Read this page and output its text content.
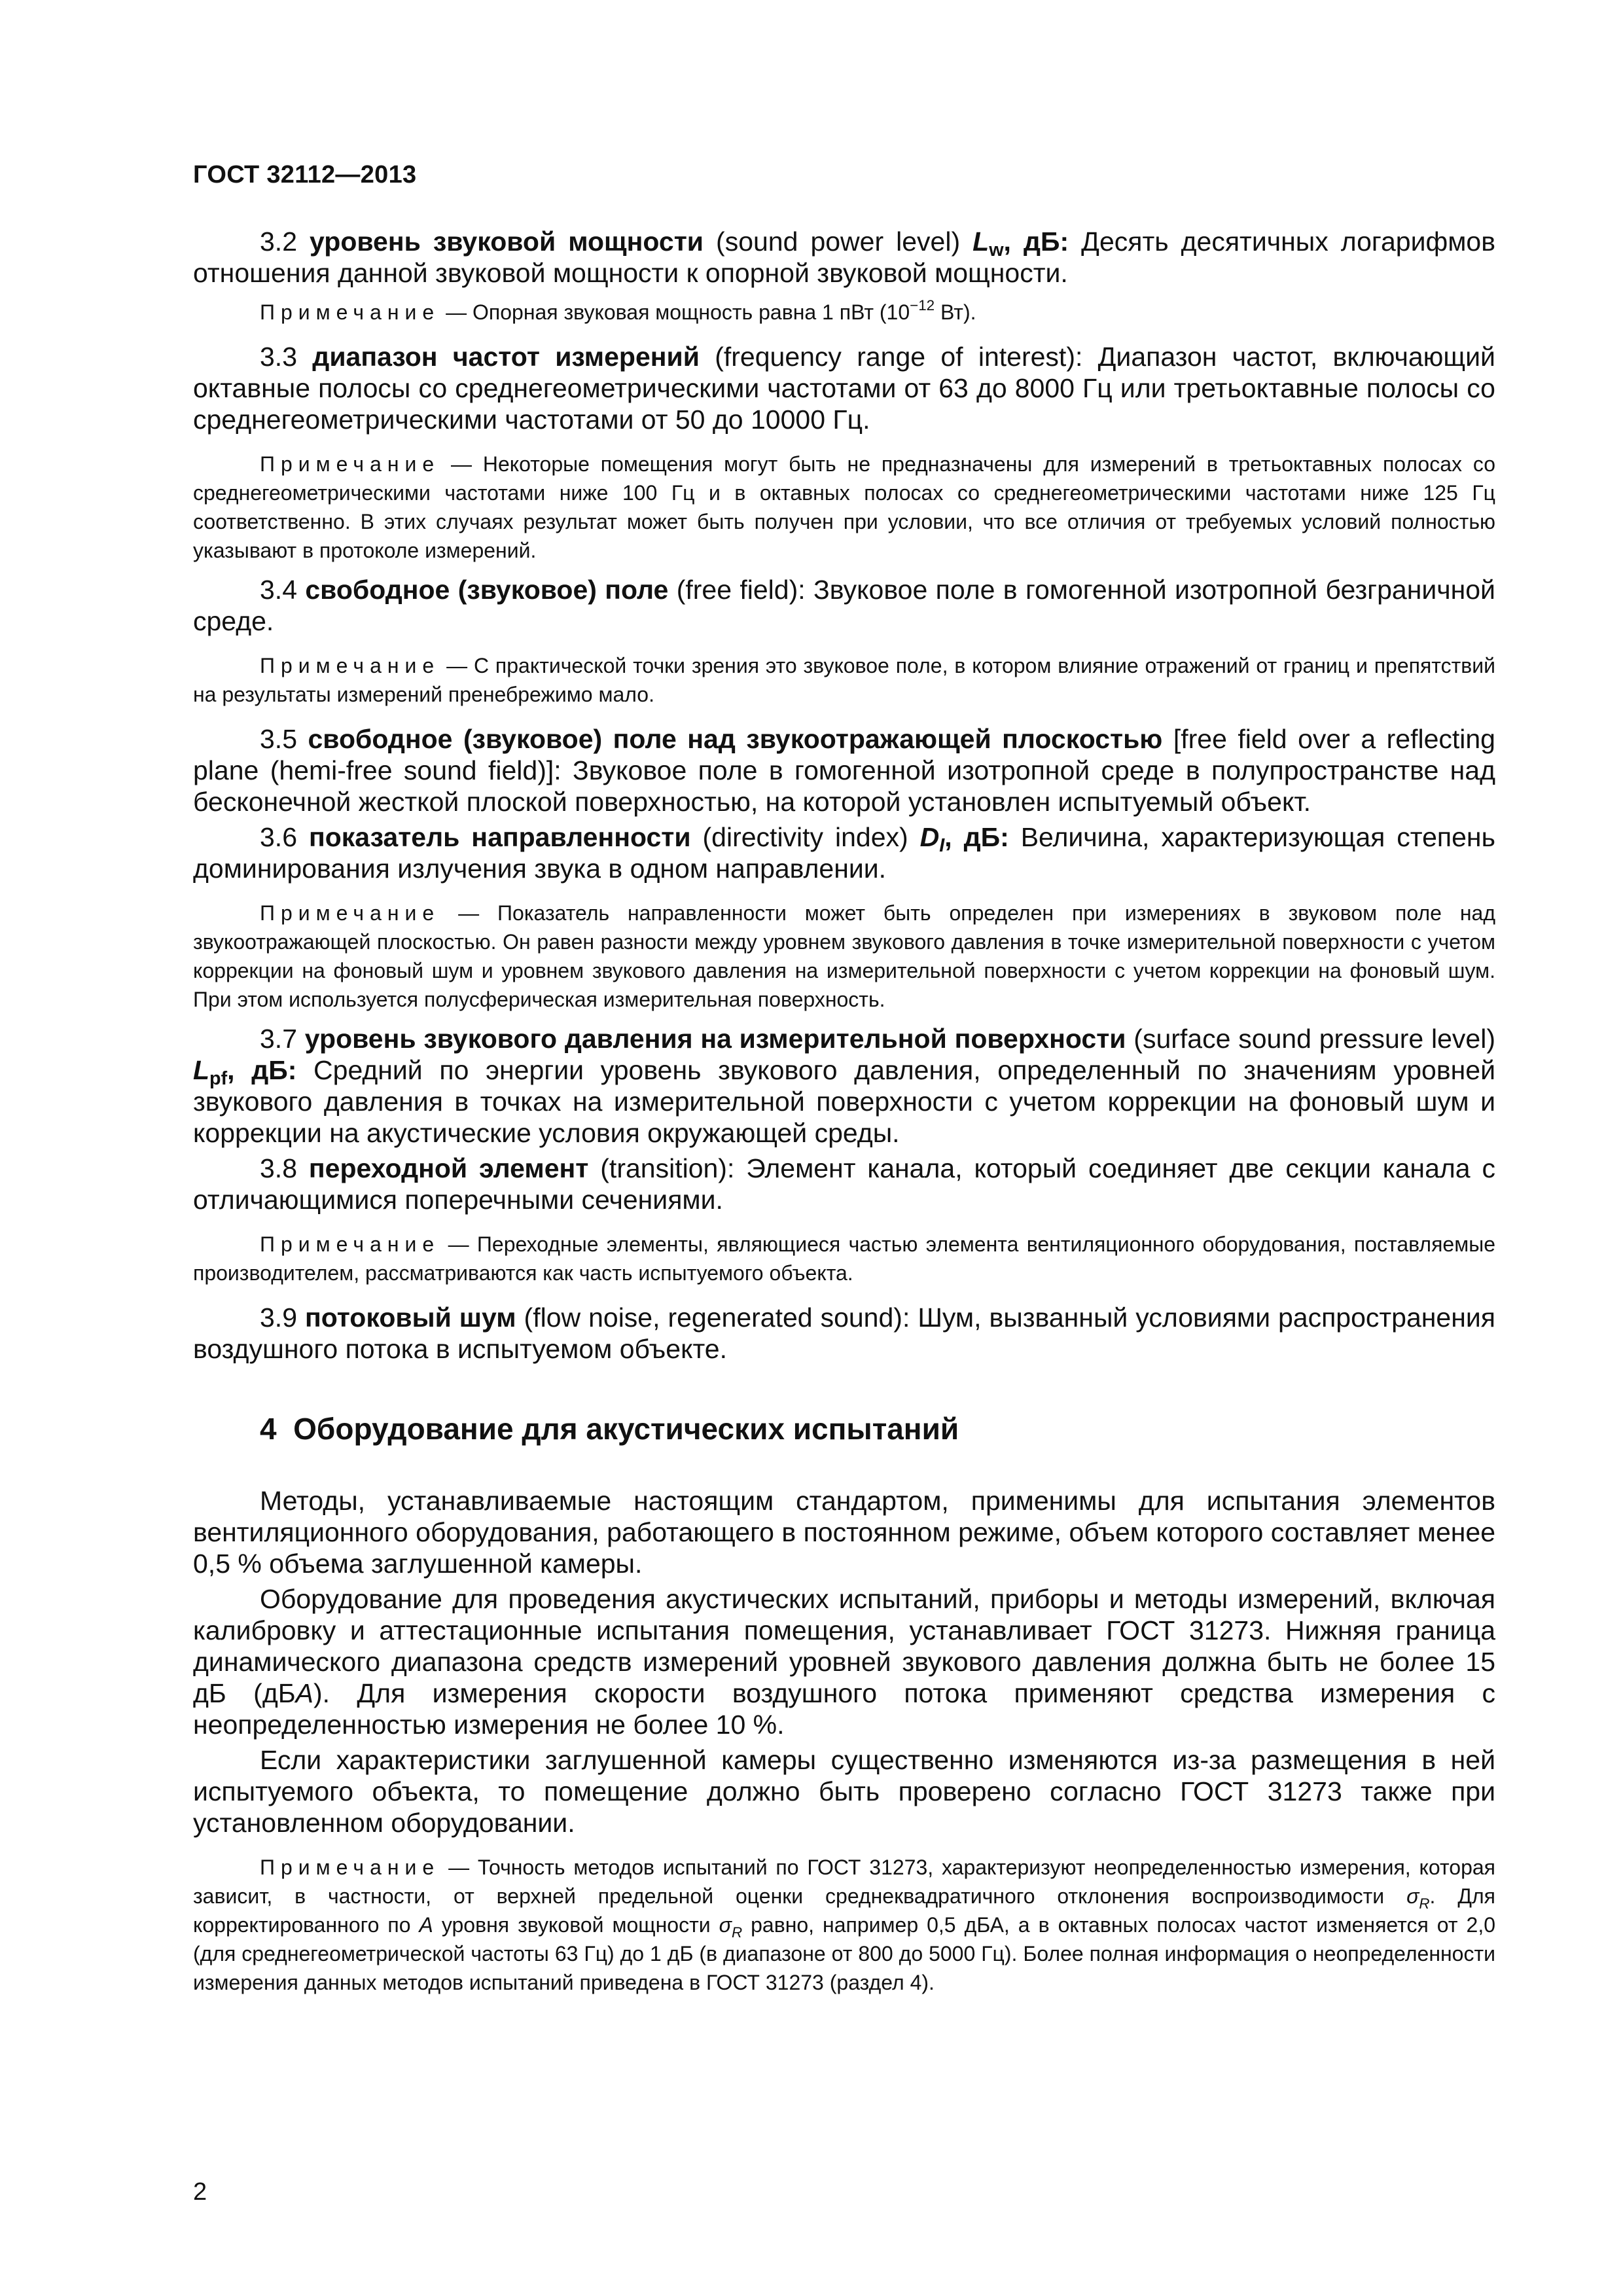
ГОСТ 32112—2013

3.2 уровень звуковой мощности (sound power level) $L_w$, дБ: Десять десятичных логарифмов отношения данной звуковой мощности к опорной звуковой мощности.

Примечание — Опорная звуковая мощность равна 1 пВт ($10^{-12}$ Вт).

3.3 диапазон частот измерений (frequency range of interest): Диапазон частот, включающий октавные полосы со среднегеометрическими частотами от 63 до 8000 Гц или третьоктавные полосы со среднегеометрическими частотами от 50 до 10000 Гц.

Примечание — Некоторые помещения могут быть не предназначены для измерений в третьоктавных полосах со среднегеометрическими частотами ниже 100 Гц и в октавных полосах со среднегеометрическими частотами ниже 125 Гц соответственно. В этих случаях результат может быть получен при условии, что все отличия от требуемых условий полностью указывают в протоколе измерений.

3.4 свободное (звуковое) поле (free field): Звуковое поле в гомогенной изотропной безграничной среде.

Примечание — С практической точки зрения это звуковое поле, в котором влияние отражений от границ и препятствий на результаты измерений пренебрежимо мало.

3.5 свободное (звуковое) поле над звукоотражающей плоскостью [free field over a reflecting plane (hemi-free sound field)]: Звуковое поле в гомогенной изотропной среде в полупространстве над бесконечной жесткой плоской поверхностью, на которой установлен испытуемый объект.

3.6 показатель направленности (directivity index) $D_I$, дБ: Величина, характеризующая степень доминирования излучения звука в одном направлении.

Примечание — Показатель направленности может быть определен при измерениях в звуковом поле над звукоотражающей плоскостью. Он равен разности между уровнем звукового давления в точке измерительной поверхности с учетом коррекции на фоновый шум и уровнем звукового давления на измерительной поверхности с учетом коррекции на фоновый шум. При этом используется полусферическая измерительная поверхность.

3.7 уровень звукового давления на измерительной поверхности (surface sound pressure level) $L_{pf}$, дБ: Средний по энергии уровень звукового давления, определенный по значениям уровней звукового давления в точках на измерительной поверхности с учетом коррекции на фоновый шум и коррекции на акустические условия окружающей среды.

3.8 переходной элемент (transition): Элемент канала, который соединяет две секции канала с отличающимися поперечными сечениями.

Примечание — Переходные элементы, являющиеся частью элемента вентиляционного оборудования, поставляемые производителем, рассматриваются как часть испытуемого объекта.

3.9 потоковый шум (flow noise, regenerated sound): Шум, вызванный условиями распространения воздушного потока в испытуемом объекте.

4 Оборудование для акустических испытаний

Методы, устанавливаемые настоящим стандартом, применимы для испытания элементов вентиляционного оборудования, работающего в постоянном режиме, объем которого составляет менее 0,5 % объема заглушенной камеры.

Оборудование для проведения акустических испытаний, приборы и методы измерений, включая калибровку и аттестационные испытания помещения, устанавливает ГОСТ 31273. Нижняя граница динамического диапазона средств измерений уровней звукового давления должна быть не более 15 дБ (дБA). Для измерения скорости воздушного потока применяют средства измерения с неопределенностью измерения не более 10 %.

Если характеристики заглушенной камеры существенно изменяются из-за размещения в ней испытуемого объекта, то помещение должно быть проверено согласно ГОСТ 31273 также при установленном оборудовании.

Примечание — Точность методов испытаний по ГОСТ 31273, характеризуют неопределенностью измерения, которая зависит, в частности, от верхней предельной оценки среднеквадратичного отклонения воспроизводимости $\sigma_R$. Для корректированного по А уровня звуковой мощности $\sigma_R$ равно, например 0,5 дБА, а в октавных полосах частот изменяется от 2,0 (для среднегеометрической частоты 63 Гц) до 1 дБ (в диапазоне от 800 до 5000 Гц). Более полная информация о неопределенности измерения данных методов испытаний приведена в ГОСТ 31273 (раздел 4).

2
